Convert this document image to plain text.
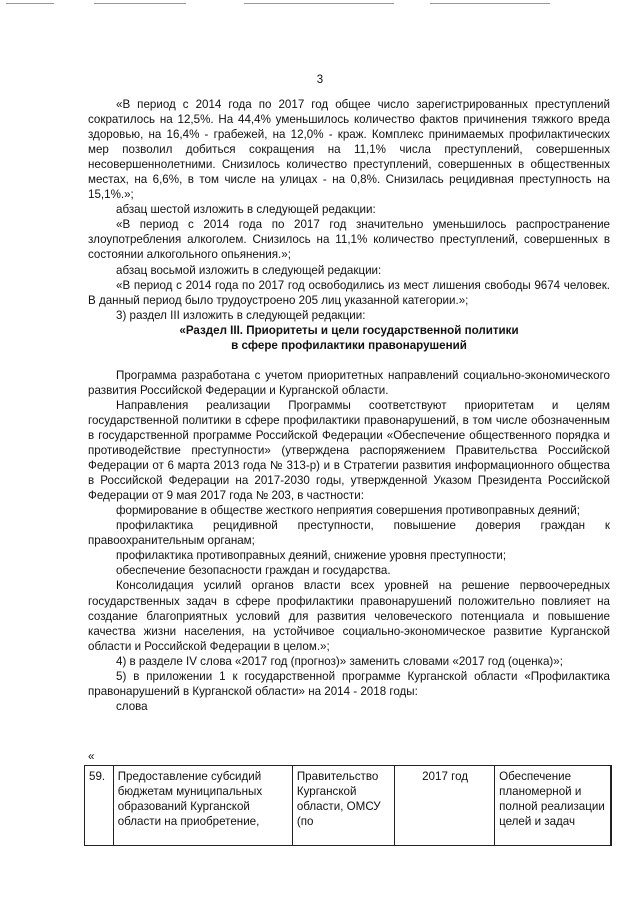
3

«В период с 2014 года по 2017 год общее число зарегистрированных преступлений сократилось на 12,5%. На 44,4% уменьшилось количество фактов причинения тяжкого вреда здоровью, на 16,4% - грабежей, на 12,0% - краж. Комплекс принимаемых профилактических мер позволил добиться сокращения на 11,1% числа преступлений, совершенных несовершеннолетними. Снизилось количество преступлений, совершенных в общественных местах, на 6,6%, в том числе на улицах - на 0,8%. Снизилась рецидивная преступность на 15,1%.»;

абзац шестой изложить в следующей редакции:

«В период с 2014 года по 2017 год значительно уменьшилось распространение злоупотребления алкоголем. Снизилось на 11,1% количество преступлений, совершенных в состоянии алкогольного опьянения.»;

абзац восьмой изложить в следующей редакции:

«В период с 2014 года по 2017 год освободились из мест лишения свободы 9674 человек. В данный период было трудоустроено 205 лиц указанной категории.»;

3) раздел III изложить в следующей редакции:

«Раздел III. Приоритеты и цели государственной политики

в сфере профилактики правонарушений

Программа разработана с учетом приоритетных направлений социально-экономического развития Российской Федерации и Курганской области.

Направления реализации Программы соответствуют приоритетам и целям государственной политики в сфере профилактики правонарушений, в том числе обозначенным в государственной программе Российской Федерации «Обеспечение общественного порядка и противодействие преступности» (утверждена распоряжением Правительства Российской Федерации от 6 марта 2013 года № 313-р) и в Стратегии развития информационного общества в Российской Федерации на 2017-2030 годы, утвержденной Указом Президента Российской Федерации от 9 мая 2017 года № 203, в частности:

формирование в обществе жесткого неприятия совершения противоправных деяний;

профилактика рецидивной преступности, повышение доверия граждан к правоохранительным органам;

профилактика противоправных деяний, снижение уровня преступности;

обеспечение безопасности граждан и государства.

Консолидация усилий органов власти всех уровней на решение первоочередных государственных задач в сфере профилактики правонарушений положительно повлияет на создание благоприятных условий для развития человеческого потенциала и повышение качества жизни населения, на устойчивое социально-экономическое развитие Курганской области и Российской Федерации в целом.»;

4) в разделе IV слова «2017 год (прогноз)» заменить словами «2017 год (оценка)»;

5) в приложении 1 к государственной программе Курганской области «Профилактика правонарушений в Курганской области» на 2014 - 2018 годы:

слова

«
59.	Предоставление субсидий бюджетам муниципальных образований Курганской области на приобретение,	Правительство Курганской области, ОМСУ (по	2017 год	Обеспечение планомерной и полной реализации целей и задач	
